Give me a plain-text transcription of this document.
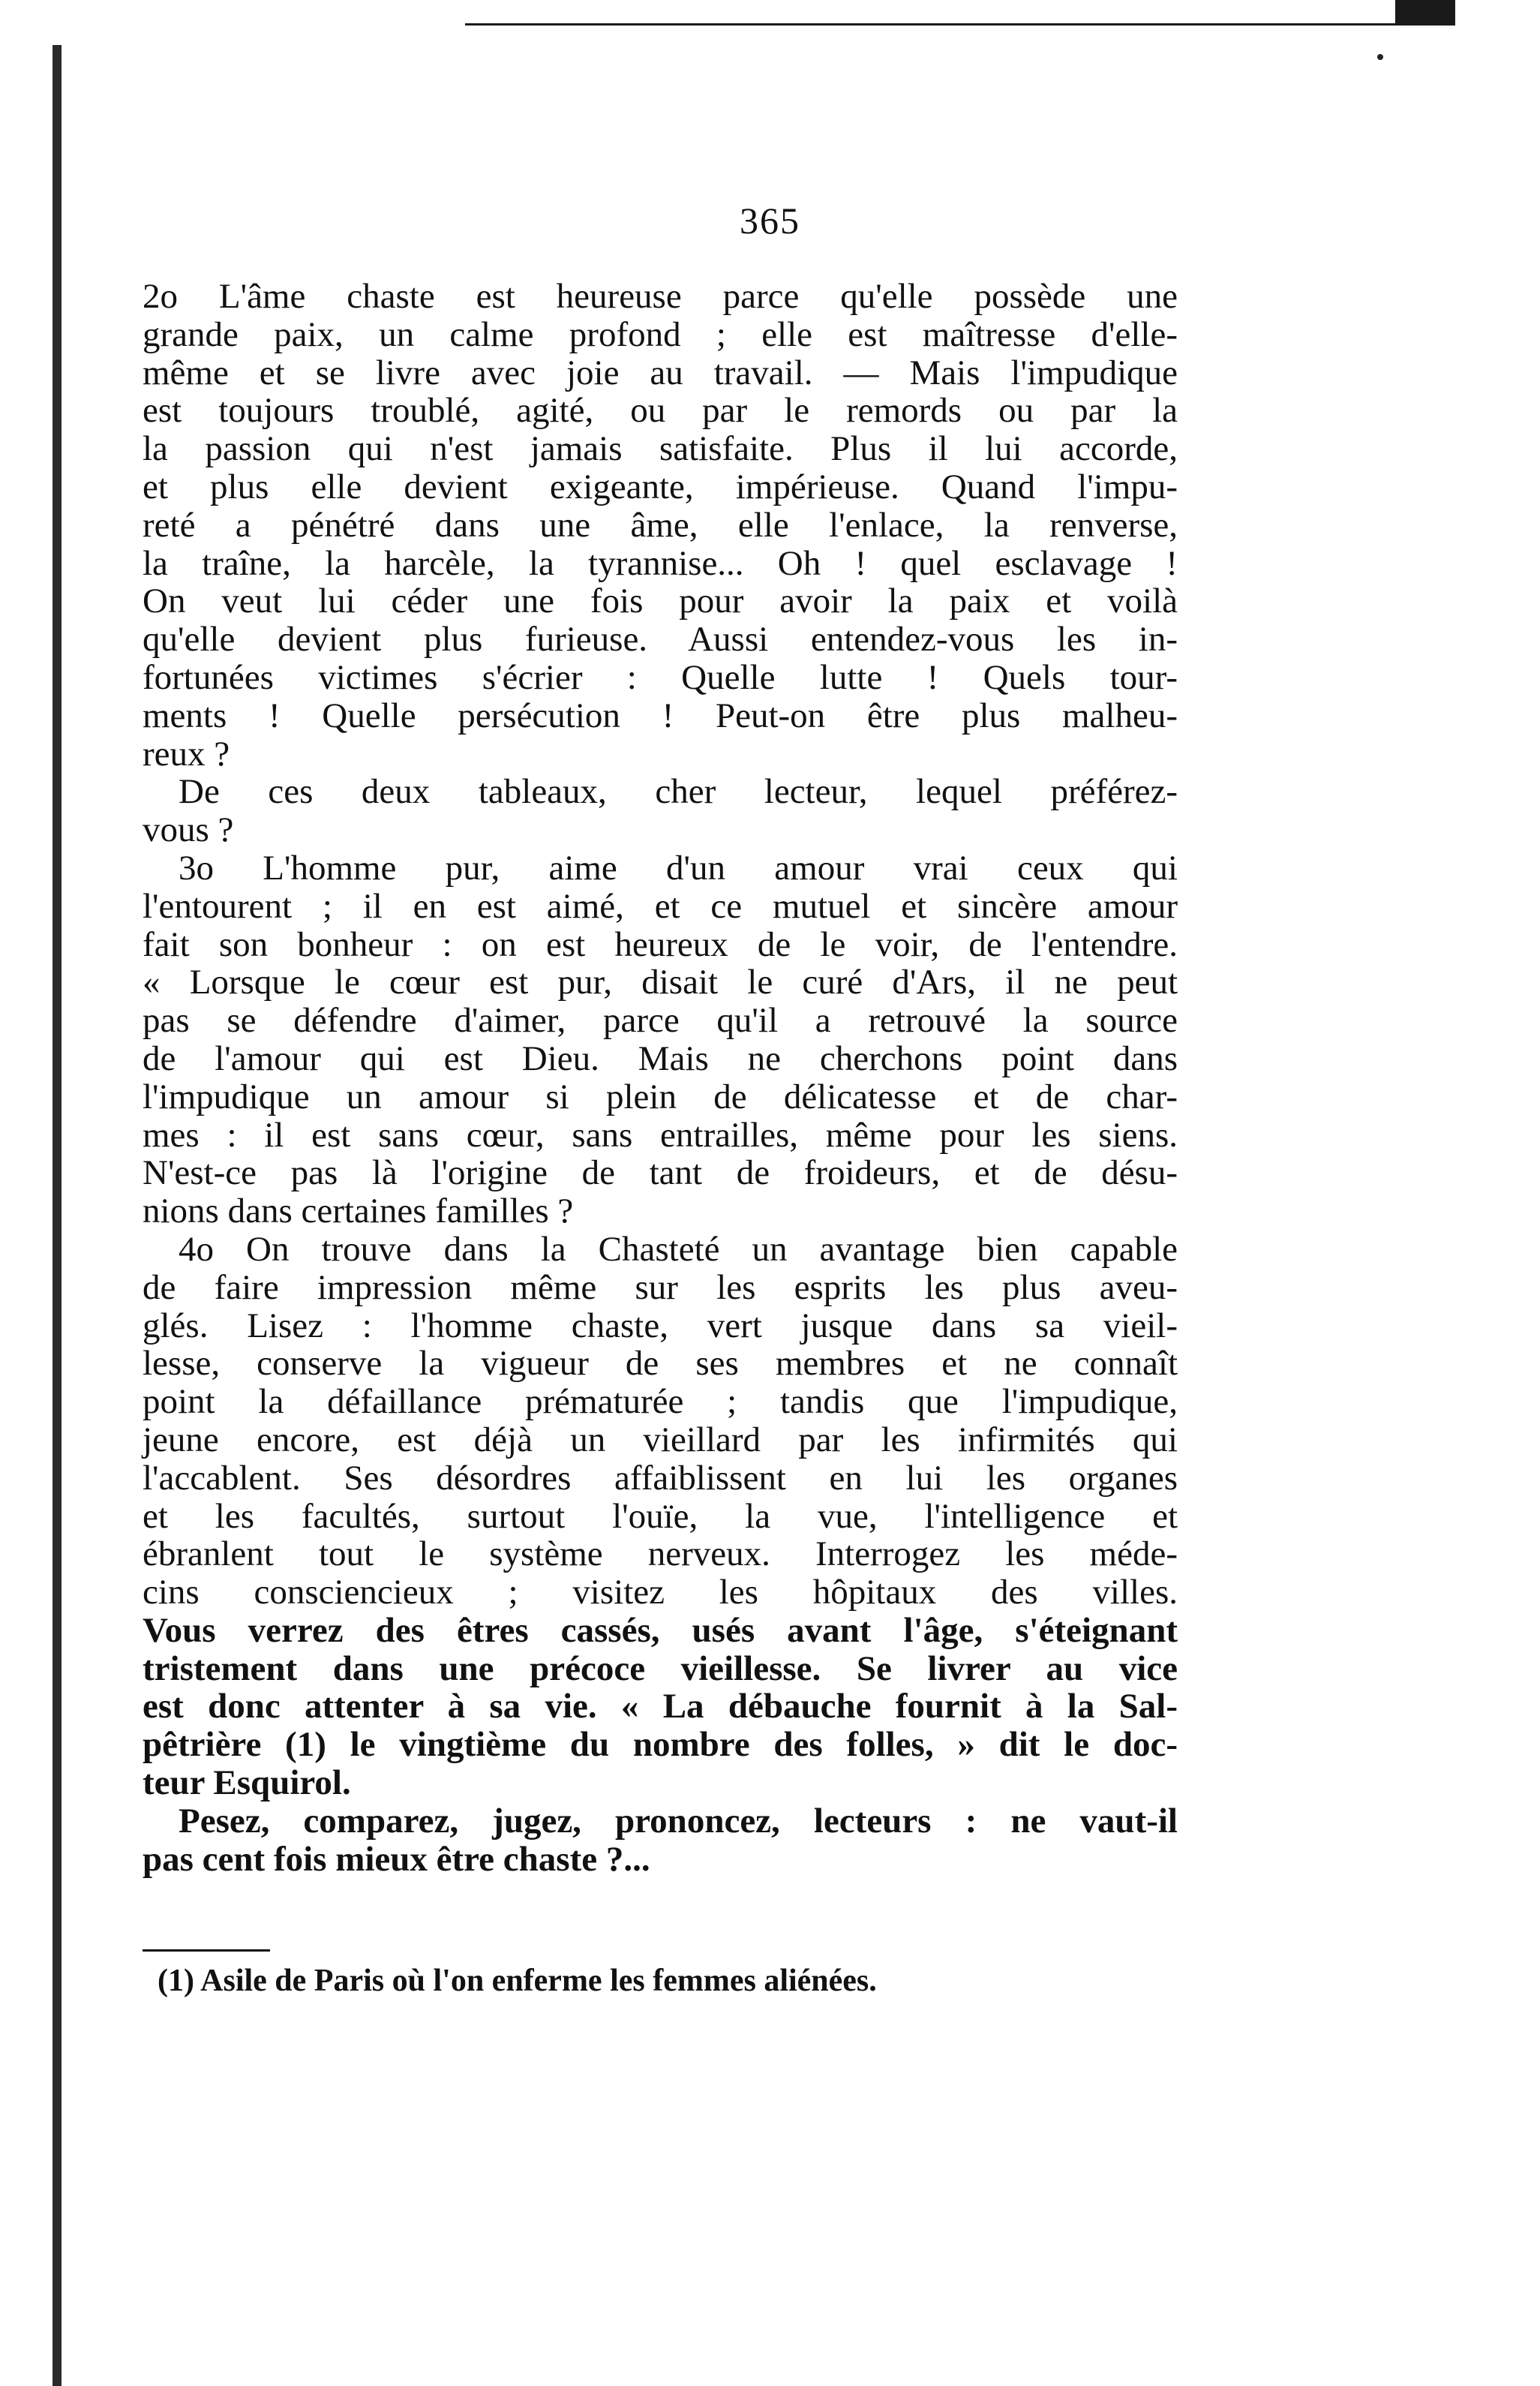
365
2o L'âme chaste est heureuse parce qu'elle possède une
grande paix, un calme profond ; elle est maîtresse d'elle-
même et se livre avec joie au travail. — Mais l'impudique
est toujours troublé, agité, ou par le remords ou par la
la passion qui n'est jamais satisfaite. Plus il lui accorde,
et plus elle devient exigeante, impérieuse. Quand l'impu-
reté a pénétré dans une âme, elle l'enlace, la renverse,
la traîne, la harcèle, la tyrannise... Oh ! quel esclavage !
On veut lui céder une fois pour avoir la paix et voilà
qu'elle devient plus furieuse. Aussi entendez-vous les in-
fortunées victimes s'écrier : Quelle lutte ! Quels tour-
ments ! Quelle persécution ! Peut-on être plus malheu-
reux ?
De ces deux tableaux, cher lecteur, lequel préférez-
vous ?
3o L'homme pur, aime d'un amour vrai ceux qui
l'entourent ; il en est aimé, et ce mutuel et sincère amour
fait son bonheur : on est heureux de le voir, de l'entendre.
« Lorsque le cœur est pur, disait le curé d'Ars, il ne peut
pas se défendre d'aimer, parce qu'il a retrouvé la source
de l'amour qui est Dieu. Mais ne cherchons point dans
l'impudique un amour si plein de délicatesse et de char-
mes : il est sans cœur, sans entrailles, même pour les siens.
N'est-ce pas là l'origine de tant de froideurs, et de désu-
nions dans certaines familles ?
4o On trouve dans la Chasteté un avantage bien capable
de faire impression même sur les esprits les plus aveu-
glés. Lisez : l'homme chaste, vert jusque dans sa vieil-
lesse, conserve la vigueur de ses membres et ne connaît
point la défaillance prématurée ; tandis que l'impudique,
jeune encore, est déjà un vieillard par les infirmités qui
l'accablent. Ses désordres affaiblissent en lui les organes
et les facultés, surtout l'ouïe, la vue, l'intelligence et
ébranlent tout le système nerveux. Interrogez les méde-
cins consciencieux ; visitez les hôpitaux des villes.
Vous verrez des êtres cassés, usés avant l'âge, s'éteignant
tristement dans une précoce vieillesse. Se livrer au vice
est donc attenter à sa vie. « La débauche fournit à la Sal-
pêtrière (1) le vingtième du nombre des folles, » dit le doc-
teur Esquirol.
Pesez, comparez, jugez, prononcez, lecteurs : ne vaut-il
pas cent fois mieux être chaste ?...
(1) Asile de Paris où l'on enferme les femmes aliénées.
